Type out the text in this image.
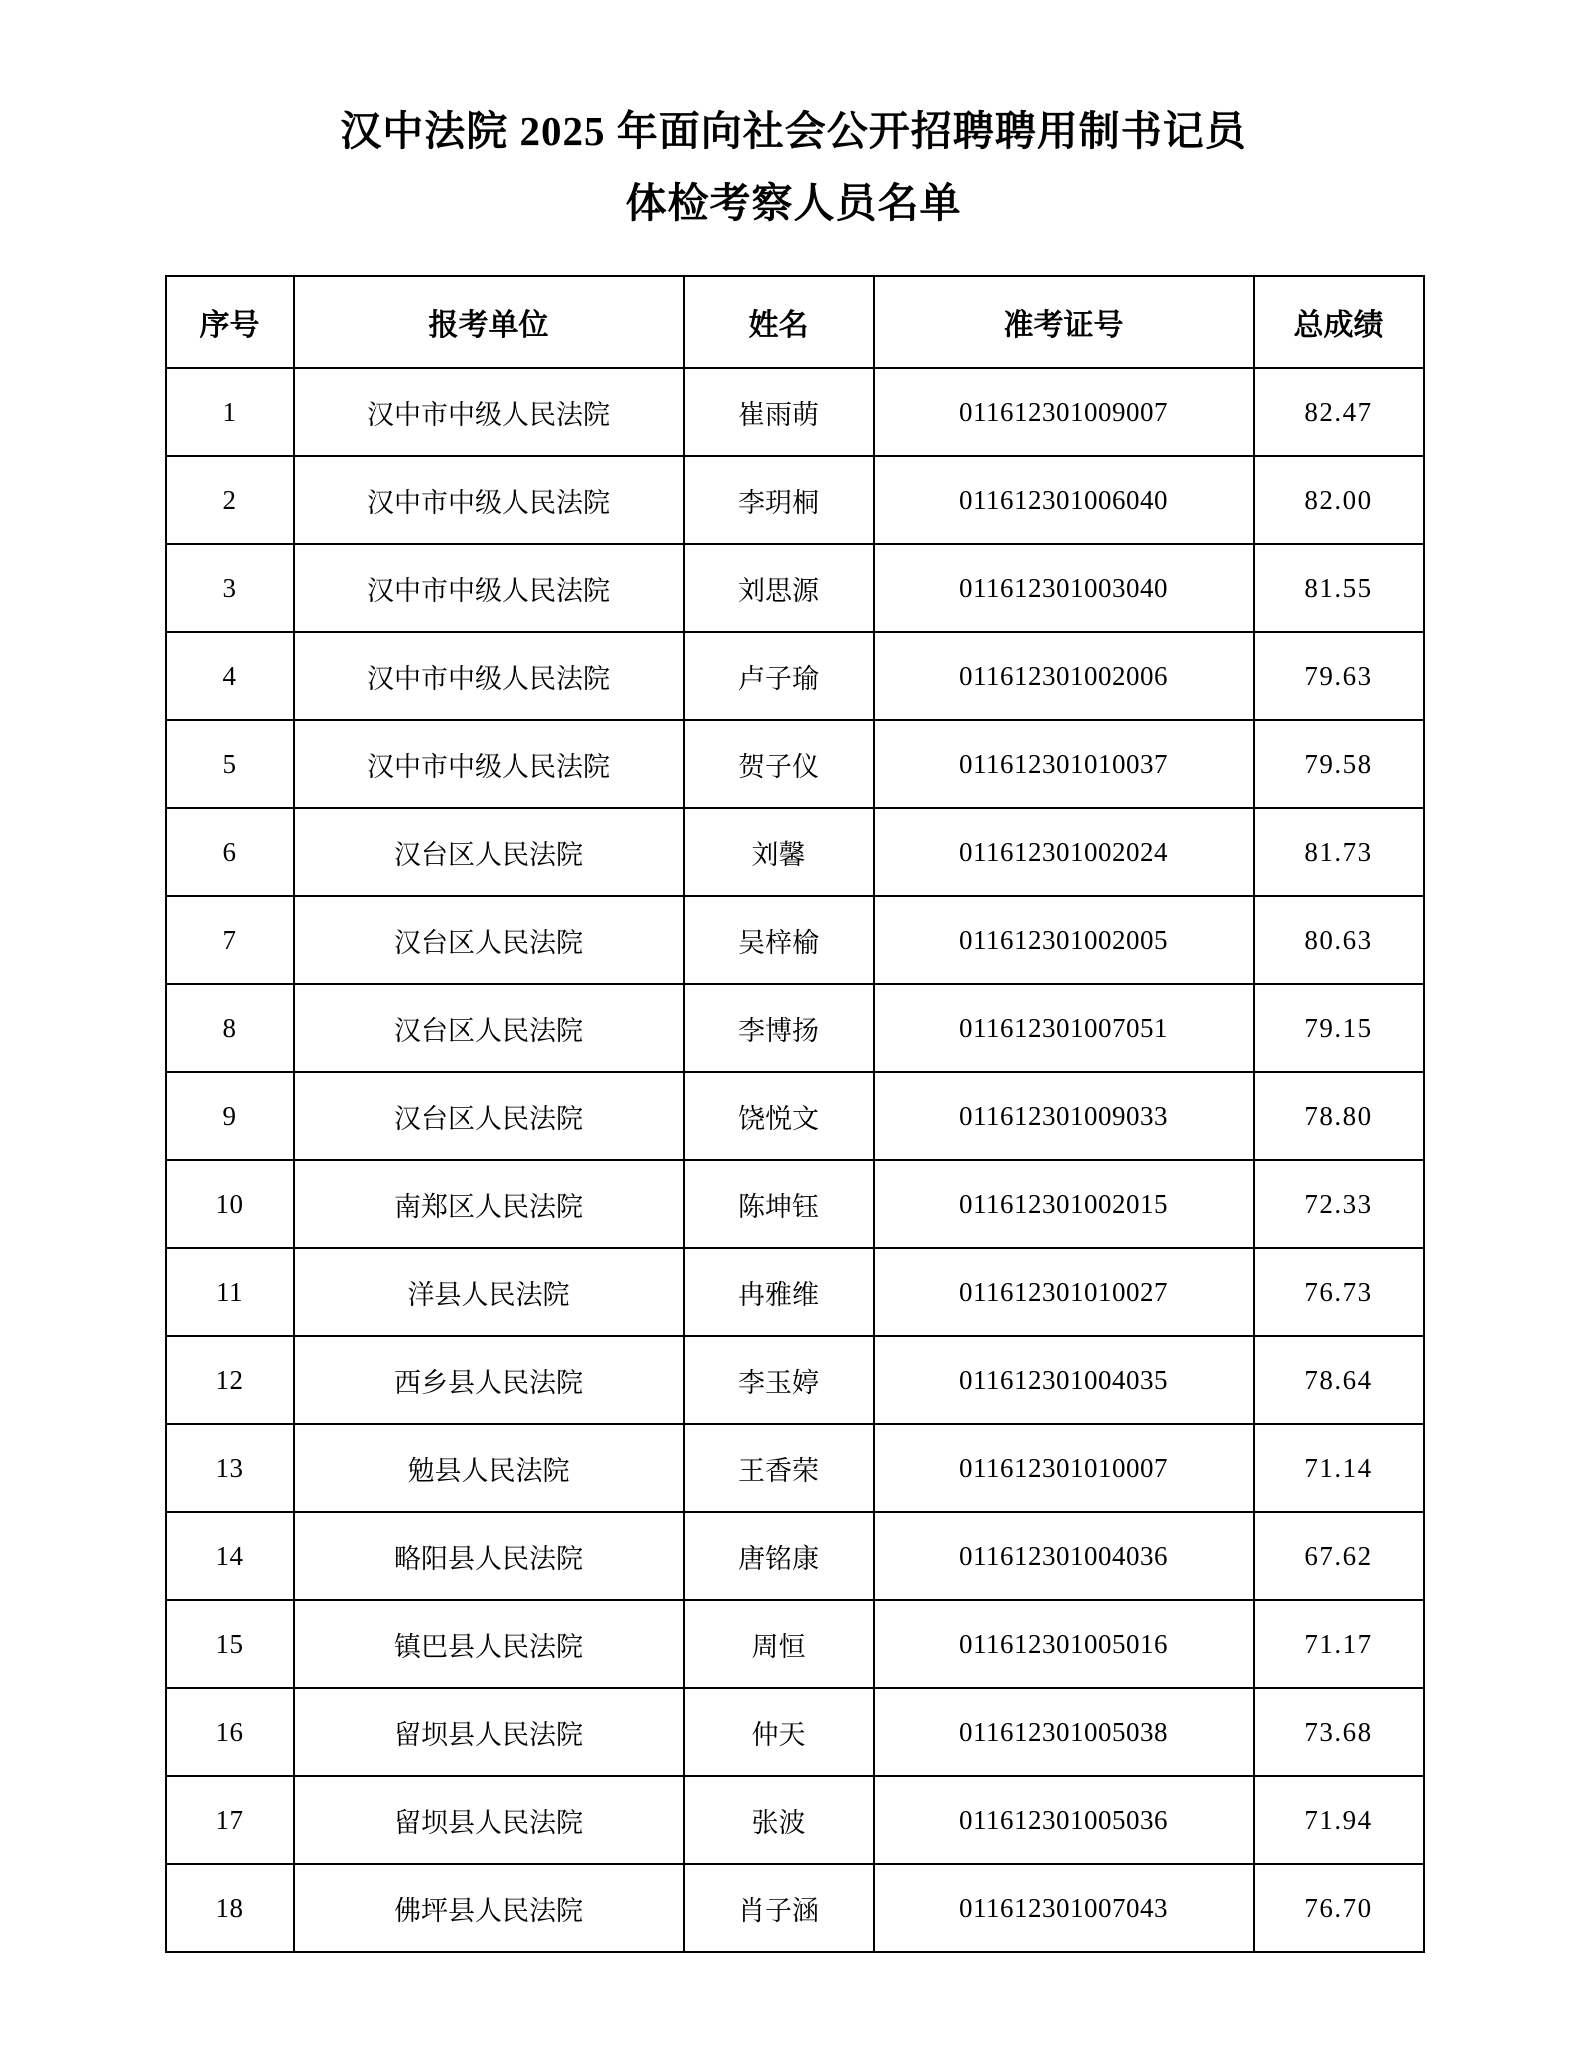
汉中法院 2025 年面向社会公开招聘聘用制书记员
体检考察人员名单
序号	报考单位	姓名	准考证号	总成绩
1	汉中市中级人民法院	崔雨萌	011612301009007	82.47
2	汉中市中级人民法院	李玥桐	011612301006040	82.00
3	汉中市中级人民法院	刘思源	011612301003040	81.55
4	汉中市中级人民法院	卢子瑜	011612301002006	79.63
5	汉中市中级人民法院	贺子仪	011612301010037	79.58
6	汉台区人民法院	刘馨	011612301002024	81.73
7	汉台区人民法院	吴梓榆	011612301002005	80.63
8	汉台区人民法院	李博扬	011612301007051	79.15
9	汉台区人民法院	饶悦文	011612301009033	78.80
10	南郑区人民法院	陈坤钰	011612301002015	72.33
11	洋县人民法院	冉雅维	011612301010027	76.73
12	西乡县人民法院	李玉婷	011612301004035	78.64
13	勉县人民法院	王香荣	011612301010007	71.14
14	略阳县人民法院	唐铭康	011612301004036	67.62
15	镇巴县人民法院	周恒	011612301005016	71.17
16	留坝县人民法院	仲天	011612301005038	73.68
17	留坝县人民法院	张波	011612301005036	71.94
18	佛坪县人民法院	肖子涵	011612301007043	76.70
